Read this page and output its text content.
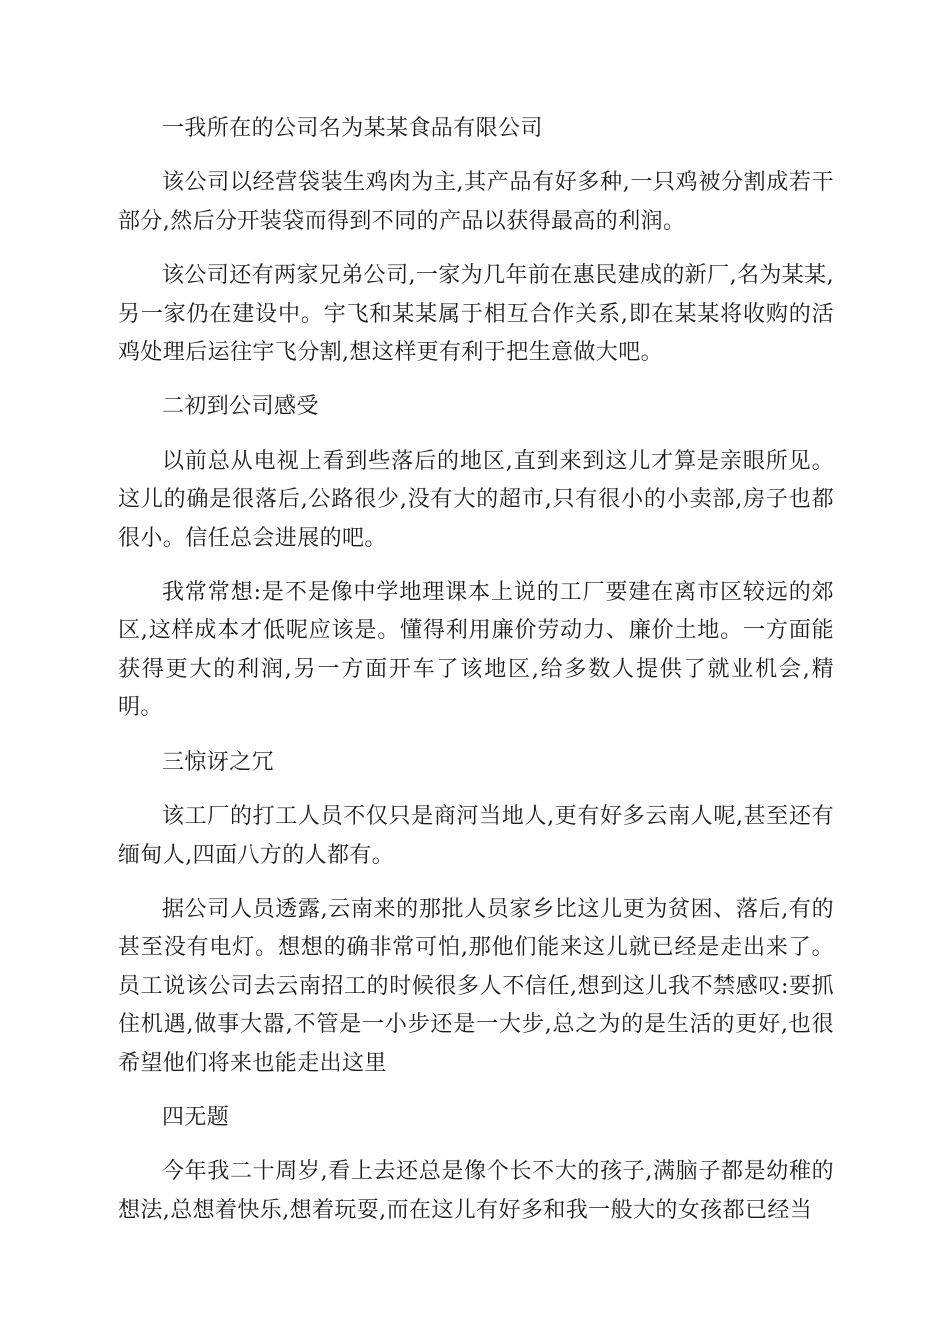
一我所在的公司名为某某食品有限公司

该公司以经营袋装生鸡肉为主,其产品有好多种,一只鸡被分割成若干部分,然后分开装袋而得到不同的产品以获得最高的利润。

该公司还有两家兄弟公司,一家为几年前在惠民建成的新厂,名为某某,另一家仍在建设中。宇飞和某某属于相互合作关系,即在某某将收购的活鸡处理后运往宇飞分割,想这样更有利于把生意做大吧。

二初到公司感受

以前总从电视上看到些落后的地区,直到来到这儿才算是亲眼所见。这儿的确是很落后,公路很少,没有大的超市,只有很小的小卖部,房子也都很小。信任总会进展的吧。

我常常想:是不是像中学地理课本上说的工厂要建在离市区较远的郊区,这样成本才低呢应该是。懂得利用廉价劳动力、廉价土地。一方面能获得更大的利润,另一方面开车了该地区,给多数人提供了就业机会,精明。

三惊讶之冗

该工厂的打工人员不仅只是商河当地人,更有好多云南人呢,甚至还有缅甸人,四面八方的人都有。

据公司人员透露,云南来的那批人员家乡比这儿更为贫困、落后,有的甚至没有电灯。想想的确非常可怕,那他们能来这儿就已经是走出来了。员工说该公司去云南招工的时候很多人不信任,想到这儿我不禁感叹:要抓住机遇,做事大嚣,不管是一小步还是一大步,总之为的是生活的更好,也很希望他们将来也能走出这里

四无题

今年我二十周岁,看上去还总是像个长不大的孩子,满脑子都是幼稚的想法,总想着快乐,想着玩耍,而在这儿有好多和我一般大的女孩都已经当
